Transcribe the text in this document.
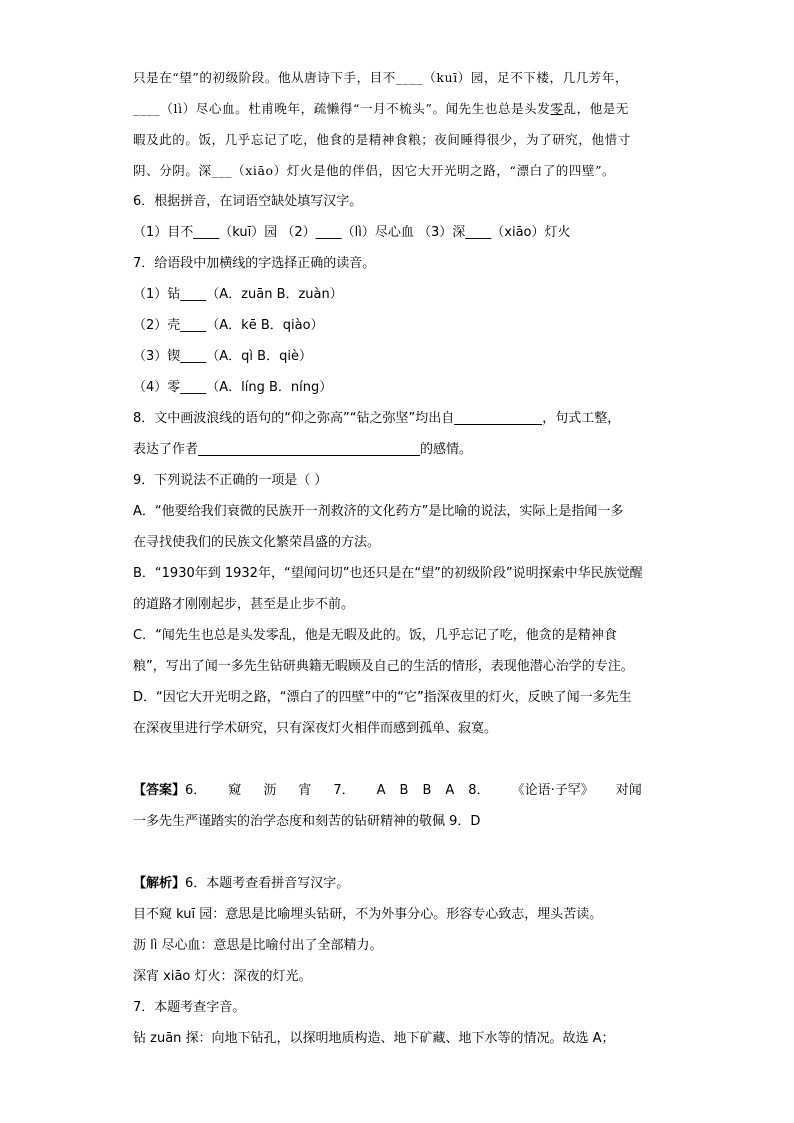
只是在“望”的初级阶段。他从唐诗下手，目不____（kuī）园，足不下楼，几几芳年，
____（lì）尽心血。杜甫晚年，疏懒得“一月不梳头”。闻先生也总是头发零乱，他是无
暇及此的。饭，几乎忘记了吃，他食的是精神食粮；夜间睡得很少，为了研究，他惜寸
阴、分阴。深___（xiāo）灯火是他的伴侣，因它大开光明之路，“漂白了的四壁”。
6．根据拼音，在词语空缺处填写汉字。
（1）目不____（kuī）园 （2）____（lì）尽心血 （3）深____（xiāo）灯火
7．给语段中加横线的字选择正确的读音。
（1）钻____（A．zuān B．zuàn）
（2）壳____（A．kē B．qiào）
（3）锲____（A．qì B．qiè）
（4）零____（A．líng B．níng）
8．文中画波浪线的语句的“仰之弥高”“钻之弥坚”均出自	，句式工整，
表达了作者	的感情。
9．下列说法不正确的一项是（ ）
A．“他要给我们衰微的民族开一剂救济的文化药方”是比喻的说法，实际上是指闻一多
在寻找使我们的民族文化繁荣昌盛的方法。
B．“1930年到 1932年，“望闻问切”也还只是在“望”的初级阶段”说明探索中华民族觉醒
的道路才刚刚起步，甚至是止步不前。
C．“闻先生也总是头发零乱，他是无暇及此的。饭，几乎忘记了吃，他贪的是精神食
粮”，写出了闻一多先生钻研典籍无暇顾及自己的生活的情形，表现他潜心治学的专注。
D．“因它大开光明之路，“漂白了的四壁”中的“它”指深夜里的灯火，反映了闻一多先生
在深夜里进行学术研究，只有深夜灯火相伴而感到孤单、寂寞。
【答案】6． 窥 沥 宵 7． A B B A 8． 《论语·子罕》 对闻
一多先生严谨踏实的治学态度和刻苦的钻研精神的敬佩 9．D
【解析】6．本题考查看拼音写汉字。
目不窥 kuī 园：意思是比喻埋头钻研，不为外事分心。形容专心致志，埋头苦读。
沥 lì 尽心血：意思是比喻付出了全部精力。
深宵 xiāo 灯火：深夜的灯光。
7．本题考查字音。
钻 zuān 探：向地下钻孔，以探明地质构造、地下矿藏、地下水等的情况。故选 A；
